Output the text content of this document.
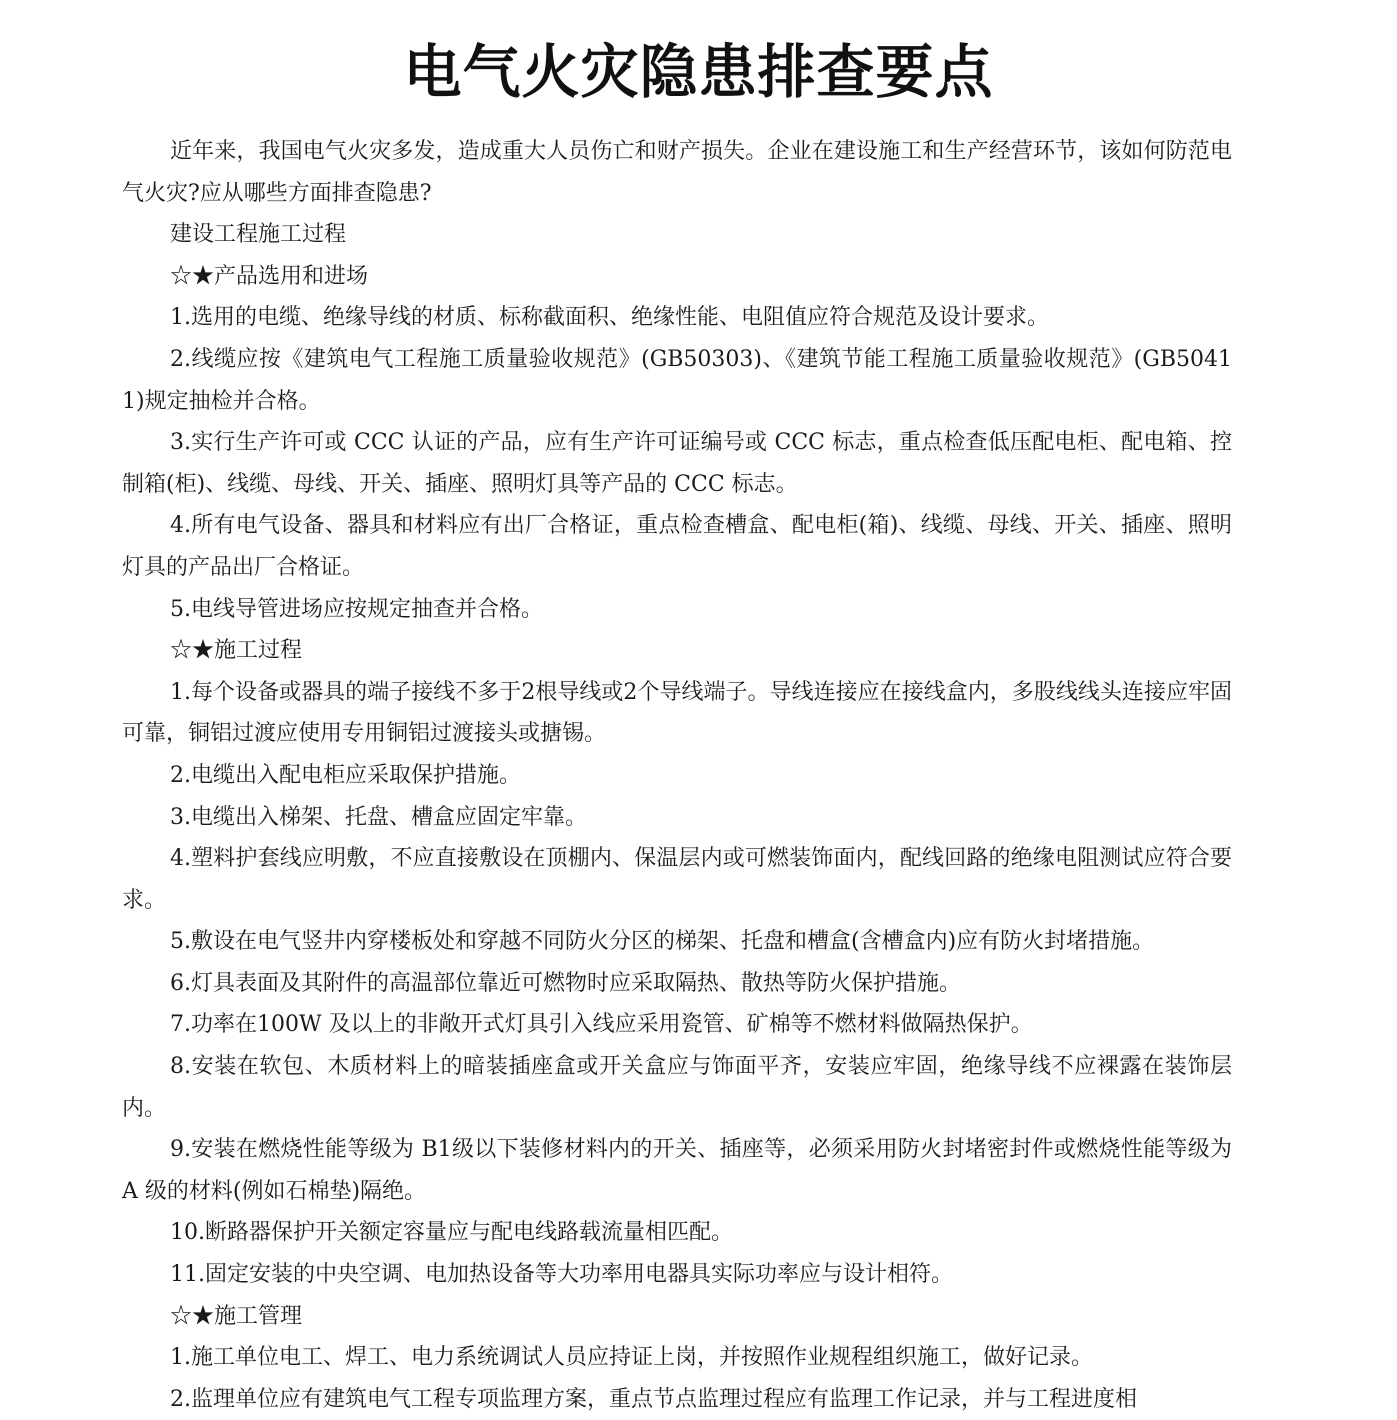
电气火灾隐患排查要点

近年来，我国电气火灾多发，造成重大人员伤亡和财产损失。企业在建设施工和生产经营环节，该如何防范电气火灾?应从哪些方面排查隐患?

建设工程施工过程

☆★产品选用和进场

1.选用的电缆、绝缘导线的材质、标称截面积、绝缘性能、电阻值应符合规范及设计要求。

2.线缆应按《建筑电气工程施工质量验收规范》(GB50303)、《建筑节能工程施工质量验收规范》(GB50411)规定抽检并合格。

3.实行生产许可或 CCC 认证的产品，应有生产许可证编号或 CCC 标志，重点检查低压配电柜、配电箱、控制箱(柜)、线缆、母线、开关、插座、照明灯具等产品的 CCC 标志。

4.所有电气设备、器具和材料应有出厂合格证，重点检查槽盒、配电柜(箱)、线缆、母线、开关、插座、照明灯具的产品出厂合格证。

5.电线导管进场应按规定抽查并合格。

☆★施工过程

1.每个设备或器具的端子接线不多于2根导线或2个导线端子。导线连接应在接线盒内，多股线线头连接应牢固可靠，铜铝过渡应使用专用铜铝过渡接头或搪锡。

2.电缆出入配电柜应采取保护措施。

3.电缆出入梯架、托盘、槽盒应固定牢靠。

4.塑料护套线应明敷，不应直接敷设在顶棚内、保温层内或可燃装饰面内，配线回路的绝缘电阻测试应符合要求。

5.敷设在电气竖井内穿楼板处和穿越不同防火分区的梯架、托盘和槽盒(含槽盒内)应有防火封堵措施。

6.灯具表面及其附件的高温部位靠近可燃物时应采取隔热、散热等防火保护措施。

7.功率在100W 及以上的非敞开式灯具引入线应采用瓷管、矿棉等不燃材料做隔热保护。

8.安装在软包、木质材料上的暗装插座盒或开关盒应与饰面平齐，安装应牢固，绝缘导线不应裸露在装饰层内。

9.安装在燃烧性能等级为 B1级以下装修材料内的开关、插座等，必须采用防火封堵密封件或燃烧性能等级为 A 级的材料(例如石棉垫)隔绝。

10.断路器保护开关额定容量应与配电线路载流量相匹配。

11.固定安装的中央空调、电加热设备等大功率用电器具实际功率应与设计相符。

☆★施工管理

1.施工单位电工、焊工、电力系统调试人员应持证上岗，并按照作业规程组织施工，做好记录。

2.监理单位应有建筑电气工程专项监理方案，重点节点监理过程应有监理工作记录，并与工程进度相
